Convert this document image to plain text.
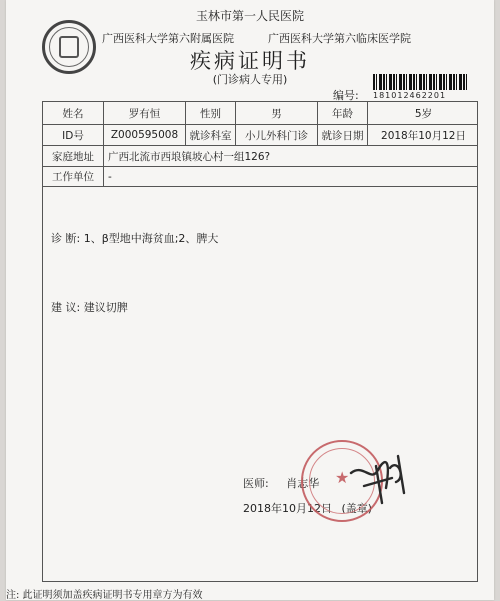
玉林市第一人民医院
广西医科大学第六附属医院	广西医科大学第六临床医学院
疾病证明书
(门诊病人专用)
编号: 181012462201
姓名	罗有恒	性别	男	年龄	5岁
ID号	Z000595008	就诊科室	小儿外科门诊	就诊日期	2018年10月12日
家庭地址	广西北流市西埌镇坡心村一组126?
工作单位	-
诊 断: 1、β型地中海贫血;2、脾大
建 议: 建议切脾
医师: 肖志华
2018年10月12日 (盖章)
★
注: 此证明须加盖疾病证明书专用章方为有效
